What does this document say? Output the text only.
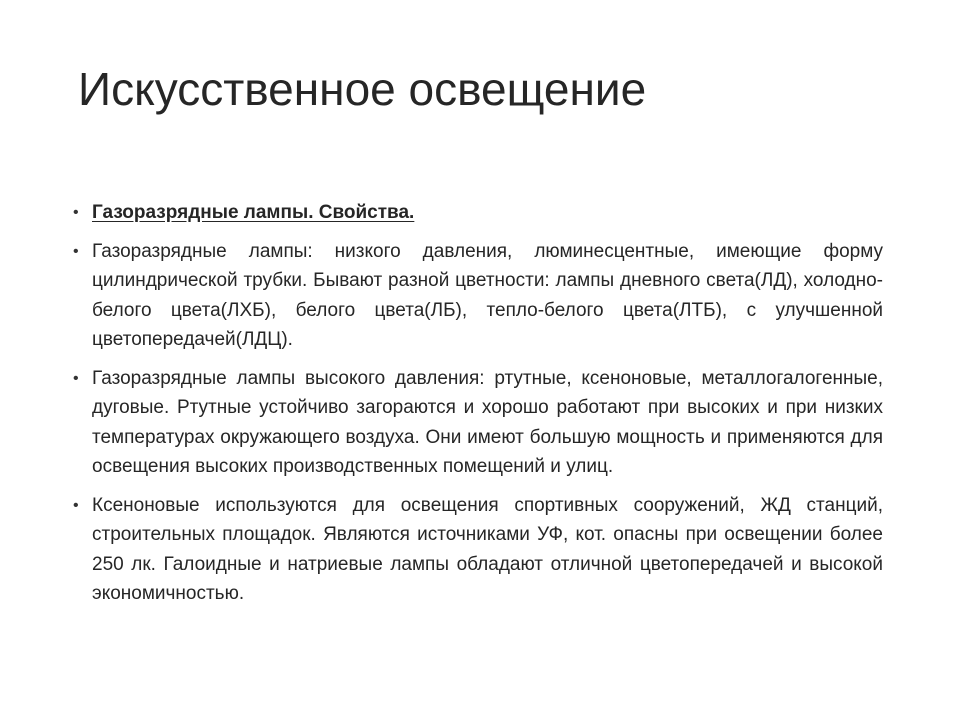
Искусственное освещение
• Газоразрядные лампы. Свойства.
• Газоразрядные лампы: низкого давления, люминесцентные, имеющие форму цилиндрической трубки. Бывают разной цветности: лампы дневного света(ЛД), холодно-белого цвета(ЛХБ), белого цвета(ЛБ), тепло-белого цвета(ЛТБ), с улучшенной цветопередачей(ЛДЦ).
• Газоразрядные лампы высокого давления: ртутные, ксеноновые, металлогалогенные, дуговые. Ртутные устойчиво загораются и хорошо работают при высоких и при низких температурах окружающего воздуха. Они имеют большую мощность и применяются для освещения высоких производственных помещений и улиц.
• Ксеноновые используются для освещения спортивных сооружений, ЖД станций, строительных площадок. Являются источниками УФ, кот. опасны при освещении более 250 лк. Галоидные и натриевые лампы обладают отличной цветопередачей и высокой экономичностью.
